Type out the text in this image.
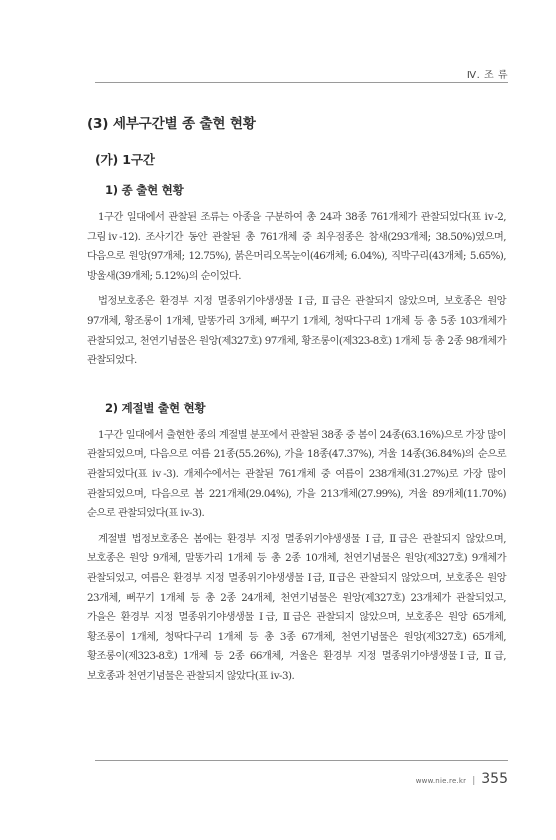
Ⅳ. 조 류
(3) 세부구간별 종 출현 현황
(가) 1구간
1) 종 출현 현황

1구간 일대에서 관찰된 조류는 아종을 구분하여 총 24과 38종 761개체가 관찰되었다(표 ⅳ-2, 그림ⅳ-12). 조사기간 동안 관찰된 총 761개체 중 최우점종은 참새(293개체; 38.50%)였으며, 다음으로 원앙(97개체; 12.75%), 붉은머리오목눈이(46개체; 6.04%), 직박구리(43개체; 5.65%), 방울새(39개체; 5.12%)의 순이었다.

법정보호종은 환경부 지정 멸종위기야생생물 Ⅰ급, Ⅱ급은 관찰되지 않았으며, 보호종은 원앙 97개체, 황조롱이 1개체, 말똥가리 3개체, 뻐꾸기 1개체, 청딱다구리 1개체 등 총 5종 103개체가 관찰되었고, 천연기념물은 원앙(제327호) 97개체, 황조롱이(제323-8호) 1개체 등 총 2종 98개체가 관찰되었다.

2) 계절별 출현 현황

1구간 일대에서 출현한 종의 계절별 분포에서 관찰된 38종 중 봄이 24종(63.16%)으로 가장 많이 관찰되었으며, 다음으로 여름 21종(55.26%), 가을 18종(47.37%), 겨울 14종(36.84%)의 순으로 관찰되었다(표 ⅳ-3). 개체수에서는 관찰된 761개체 중 여름이 238개체(31.27%)로 가장 많이 관찰되었으며, 다음으로 봄 221개체(29.04%), 가을 213개체(27.99%), 겨울 89개체(11.70%) 순으로 관찰되었다(표 ⅳ-3).

계절별 법정보호종은 봄에는 환경부 지정 멸종위기야생생물 Ⅰ급, Ⅱ급은 관찰되지 않았으며, 보호종은 원앙 9개체, 말똥가리 1개체 등 총 2종 10개체, 천연기념물은 원앙(제327호) 9개체가 관찰되었고, 여름은 환경부 지정 멸종위기야생생물 Ⅰ급, Ⅱ급은 관찰되지 않았으며, 보호종은 원앙 23개체, 뻐꾸기 1개체 등 총 2종 24개체, 천연기념물은 원앙(제327호) 23개체가 관찰되었고, 가을은 환경부 지정 멸종위기야생생물 Ⅰ급, Ⅱ급은 관찰되지 않았으며, 보호종은 원앙 65개체, 황조롱이 1개체, 청딱다구리 1개체 등 총 3종 67개체, 천연기념물은 원앙(제327호) 65개체, 황조롱이(제323-8호) 1개체 등 2종 66개체, 겨울은 환경부 지정 멸종위기야생생물Ⅰ급, Ⅱ급, 보호종과 천연기념물은 관찰되지 않았다(표 ⅳ-3).

www.nie.re.kr | 355
